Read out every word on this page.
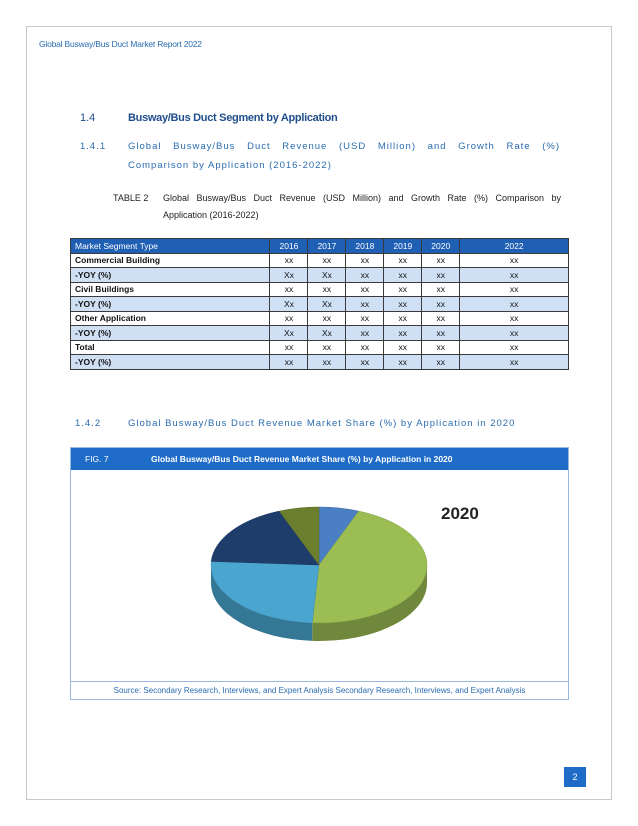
Global Busway/Bus Duct Market Report 2022
1.4	Busway/Bus Duct Segment by Application
1.4.1 Global Busway/Bus Duct Revenue (USD Million) and Growth Rate (%)
Comparison by Application (2016-2022)
TABLE 2 Global Busway/Bus Duct Revenue (USD Million) and Growth Rate (%) Comparison by
Application (2016-2022)
Market Segment Type	2016	2017	2018	2019	2020	2022
Commercial Building	xx	xx	xx	xx	xx	xx
-YOY (%)	Xx	Xx	xx	xx	xx	xx
Civil Buildings	xx	xx	xx	xx	xx	xx
-YOY (%)	Xx	Xx	xx	xx	xx	xx
Other Application	xx	xx	xx	xx	xx	xx
-YOY (%)	Xx	Xx	xx	xx	xx	xx
Total	xx	xx	xx	xx	xx	xx
-YOY (%)	xx	xx	xx	xx	xx	xx
1.4.2	Global Busway/Bus Duct Revenue Market Share (%) by Application in 2020
FIG. 7	Global Busway/Bus Duct Revenue Market Share (%) by Application in 2020
2020
Source: Secondary Research, Interviews, and Expert Analysis Secondary Research, Interviews, and Expert Analysis
2
